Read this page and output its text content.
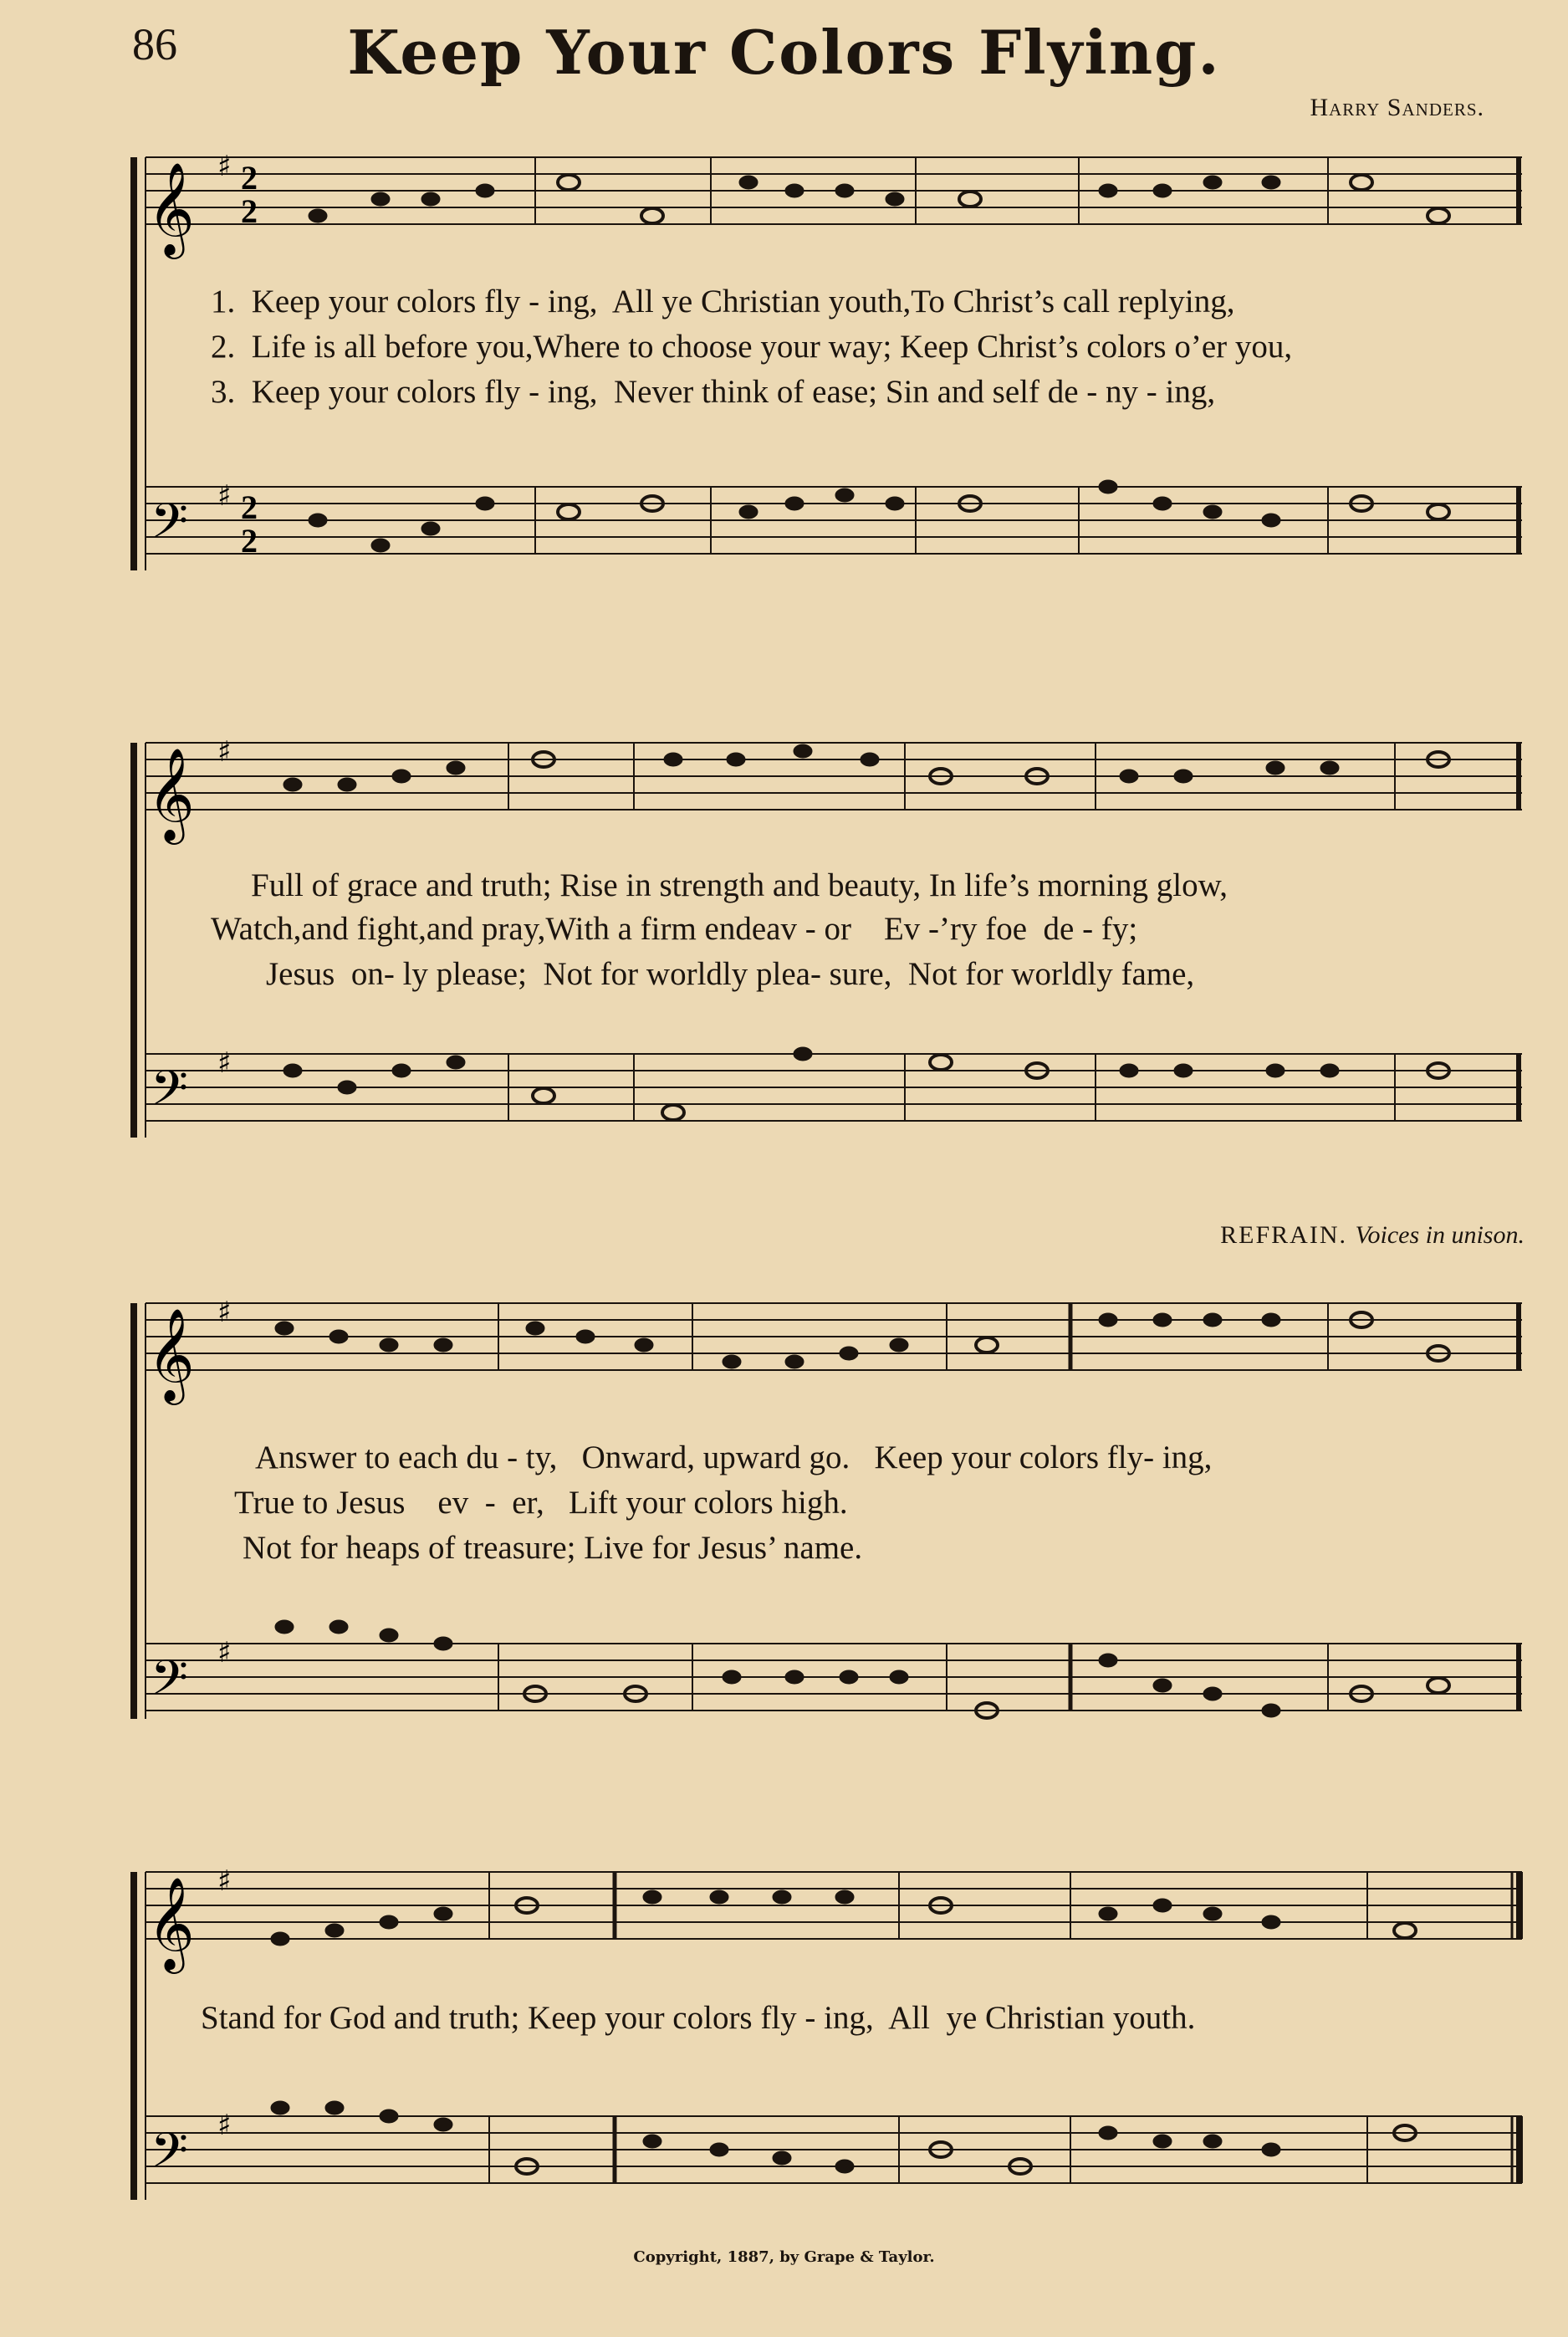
86	Keep Your Colors Flying.
Harry Sanders.
𝄞
𝄢
♯
♯
2
2
2
2
1.  Keep your colors fly - ing,  All ye Christian youth,To Christ’s call replying,
2.  Life is all before you,Where to choose your way; Keep Christ’s colors o’er you,
3.  Keep your colors fly - ing,  Never think of ease; Sin and self de - ny - ing,
𝄞
𝄢
♯
♯
Full of grace and truth; Rise in strength and beauty, In life’s morning glow,
Watch,and fight,and pray,With a firm endeav - or    Ev -’ry foe  de - fy;
Jesus  on- ly please;  Not for worldly plea- sure,  Not for worldly fame,
REFRAIN. Voices in unison.
𝄞
𝄢
♯
♯
Answer to each du - ty,   Onward, upward go.   Keep your colors fly- ing,
True to Jesus    ev  -  er,   Lift your colors high.
Not for heaps of treasure; Live for Jesus’ name.
𝄞
𝄢
♯
♯
Stand for God and truth; Keep your colors fly - ing,  All  ye Christian youth.
Copyright, 1887, by Grape & Taylor.
